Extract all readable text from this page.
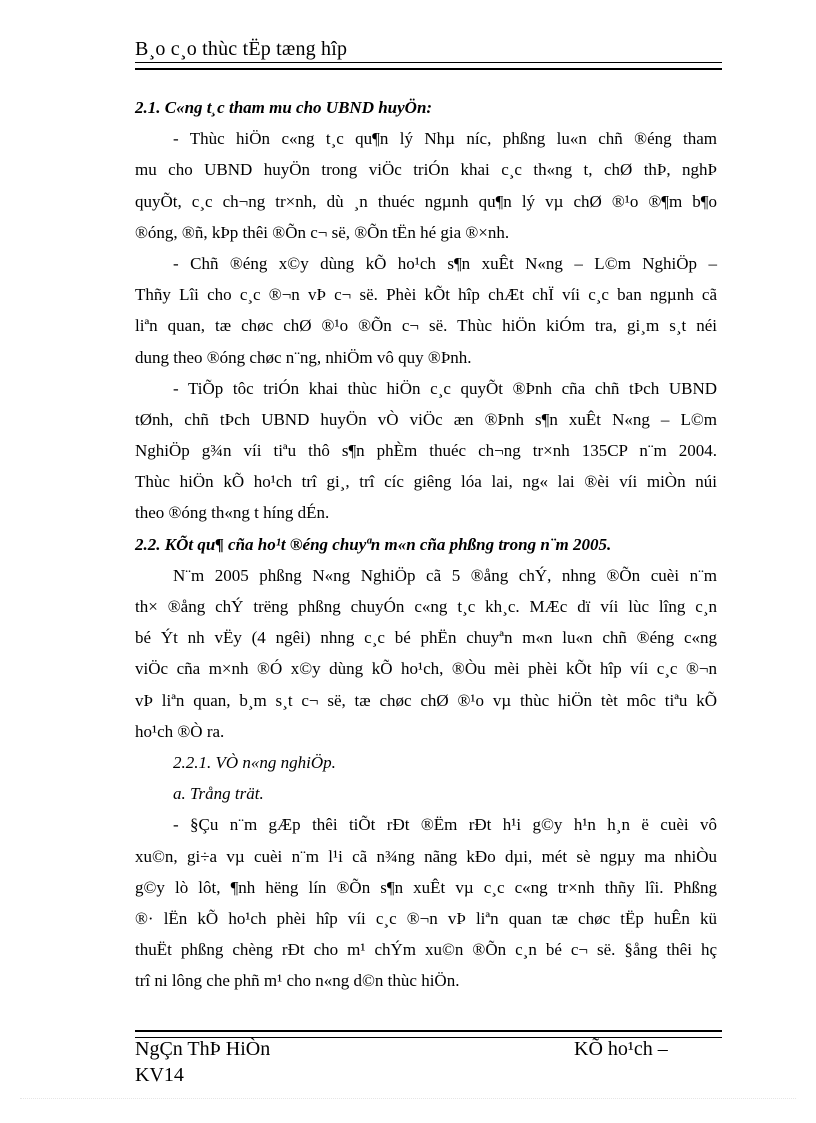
B¸o c¸o thùc tËp tæng hîp
2.1. C«ng t¸c tham mu cho UBND huyÖn:
- Thùc hiÖn c«ng t¸c qu¶n lý Nhµ níc, phßng lu«n chñ ®éng tham
mu cho UBND huyÖn trong viÖc triÓn khai c¸c th«ng t, chØ thÞ, nghÞ
quyÕt, c¸c ch¬ng tr×nh, dù ¸n thuéc ngµnh qu¶n lý vµ chØ ®¹o ®¶m b¶o
®óng, ®ñ, kÞp thêi ®Õn c¬ së, ®Õn tËn hé gia ®×nh.
- Chñ ®éng x©y dùng kÕ ho¹ch s¶n xuÊt N«ng – L©m NghiÖp –
Thñy Lîi cho c¸c ®¬n vÞ c¬ së. Phèi kÕt hîp chÆt chÏ víi c¸c ban ngµnh cã
liªn quan, tæ chøc chØ ®¹o ®Õn c¬ së. Thùc hiÖn kiÓm tra, gi¸m s¸t néi
dung theo ®óng chøc n¨ng, nhiÖm vô quy ®Þnh.
- TiÕp tôc triÓn khai thùc hiÖn c¸c quyÕt ®Þnh cña chñ tÞch UBND
tØnh, chñ tÞch UBND huyÖn vÒ viÖc æn ®Þnh s¶n xuÊt N«ng – L©m
NghiÖp g¾n víi tiªu thô s¶n phÈm thuéc ch¬ng tr×nh 135CP n¨m 2004.
Thùc hiÖn kÕ ho¹ch trî gi¸, trî cíc giêng lóa lai, ng« lai ®èi víi miÒn núi
theo ®óng th«ng t híng dÉn.
2.2. KÕt qu¶ cña ho¹t ®éng chuyªn m«n cña phßng trong n¨m 2005.
N¨m 2005 phßng N«ng NghiÖp cã 5 ®ång chÝ, nhng ®Õn cuèi n¨m
th× ®ång chÝ trëng phßng chuyÓn c«ng t¸c kh¸c. MÆc dï víi lùc lîng c¸n
bé Ýt nh vËy (4 ngêi) nhng c¸c bé phËn chuyªn m«n lu«n chñ ®éng c«ng
viÖc cña m×nh ®Ó x©y dùng kÕ ho¹ch, ®Òu mèi phèi kÕt hîp víi c¸c ®¬n
vÞ liªn quan, b¸m s¸t c¬ së, tæ chøc chØ ®¹o vµ thùc hiÖn tèt môc tiªu kÕ
ho¹ch ®Ò ra.
2.2.1. VÒ n«ng nghiÖp.
a. Trång trät.
- §Çu n¨m gÆp thêi tiÕt rÐt ®Ëm rÐt h¹i g©y h¹n h¸n ë cuèi vô
xu©n, gi÷a vµ cuèi n¨m l¹i cã n¾ng nãng kÐo dµi, mét sè ngµy ma nhiÒu
g©y lò lôt, ¶nh hëng lín ®Õn s¶n xuÊt vµ c¸c c«ng tr×nh thñy lîi. Phßng
®· lËn kÕ ho¹ch phèi hîp víi c¸c ®¬n vÞ liªn quan tæ chøc tËp huÊn kü
thuËt phßng chèng rÐt cho m¹ chÝm xu©n ®Õn c¸n bé c¬ së. §ång thêi hç
trî ni lông che phñ m¹ cho n«ng d©n thùc hiÖn.
NgÇn ThÞ HiÒn
KV14
KÕ ho¹ch –
